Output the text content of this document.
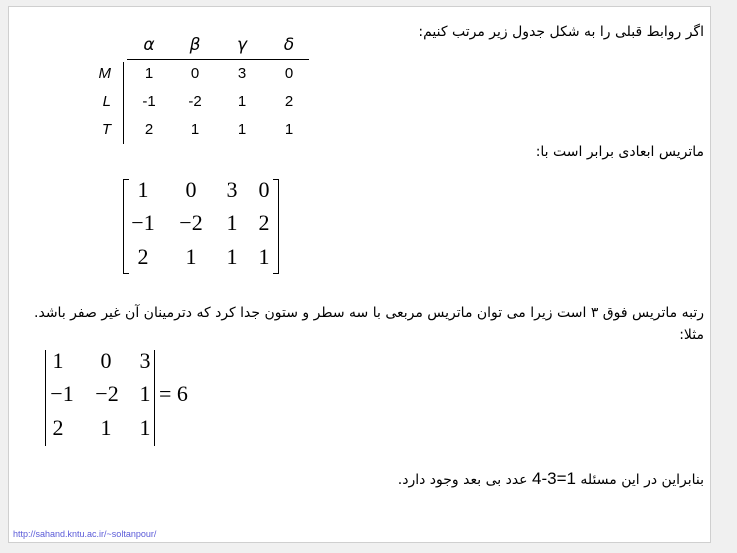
اگر روابط قبلی را به شکل جدول زیر مرتب کنیم:
α	β	γ	δ
M	1	0	3	0
L	-1	-2	1	2
T	2	1	1	1
ماتریس ابعادی برابر است با:
1	0	3 0
−1 −2	1 2
2	1	1 1
رتبه ماتریس فوق ۳ است زیرا می توان ماتریس مربعی با سه سطر و ستون جدا کرد که دترمینان آن غیر صفر باشد.
مثلا:
1	0	3
−1 −2 1
2	1	1
= 6
بنابراین در این مسئله 4-3=1 عدد بی بعد وجود دارد.
http://sahand.kntu.ac.ir/~soltanpour/
